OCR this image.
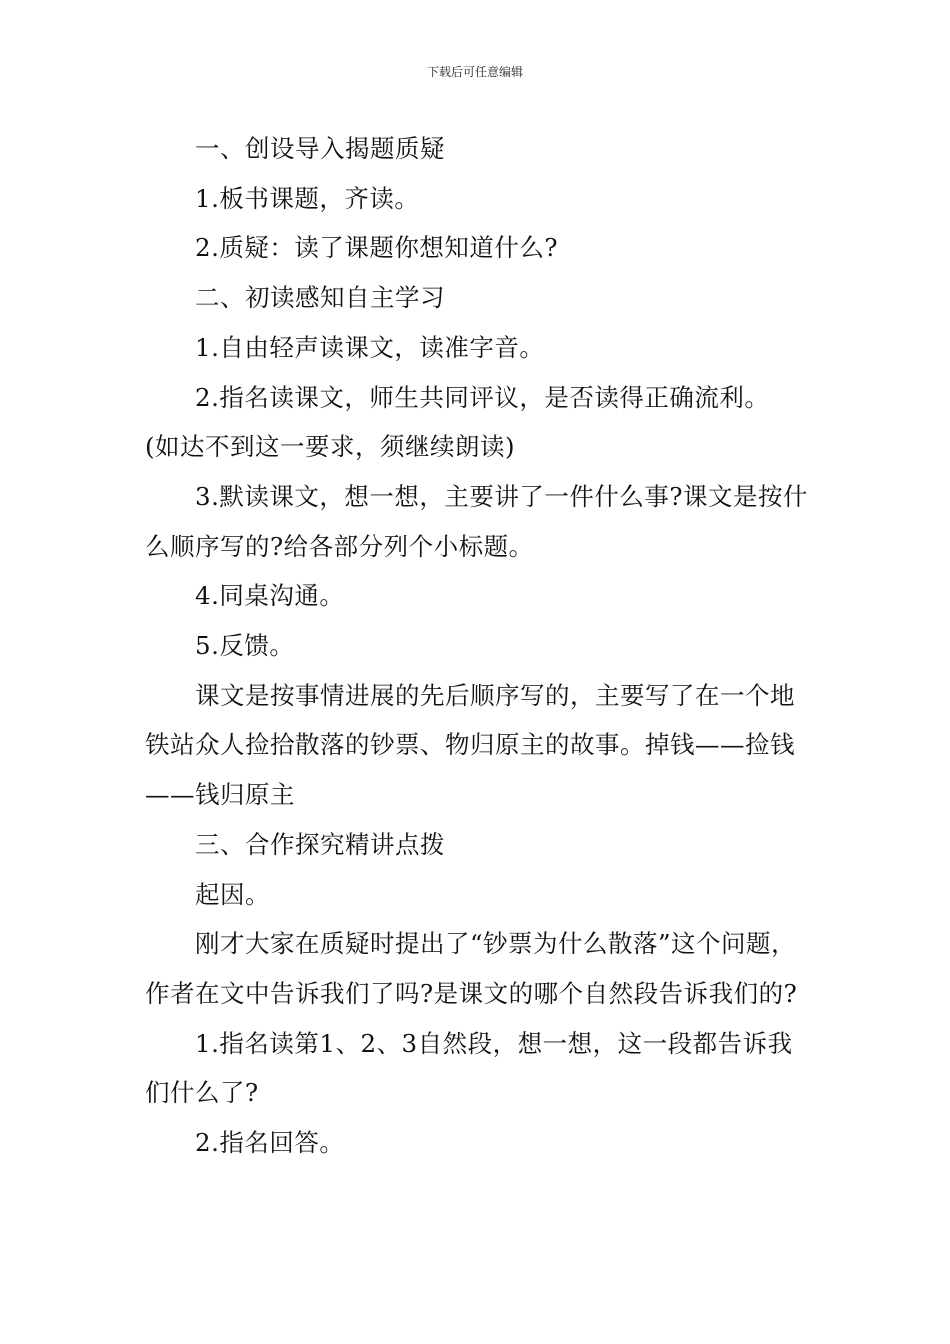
下载后可任意编辑

一、创设导入揭题质疑

1.板书课题，齐读。

2.质疑：读了课题你想知道什么?

二、初读感知自主学习

1.自由轻声读课文，读准字音。

2.指名读课文，师生共同评议，是否读得正确流利。

(如达不到这一要求，须继续朗读)

3.默读课文，想一想，主要讲了一件什么事?课文是按什么顺序写的?给各部分列个小标题。

4.同桌沟通。

5.反馈。

课文是按事情进展的先后顺序写的，主要写了在一个地铁站众人捡拾散落的钞票、物归原主的故事。掉钱——捡钱——钱归原主

三、合作探究精讲点拨

起因。

刚才大家在质疑时提出了“钞票为什么散落”这个问题，作者在文中告诉我们了吗?是课文的哪个自然段告诉我们的?

1.指名读第1、2、3自然段，想一想，这一段都告诉我们什么了?

2.指名回答。
